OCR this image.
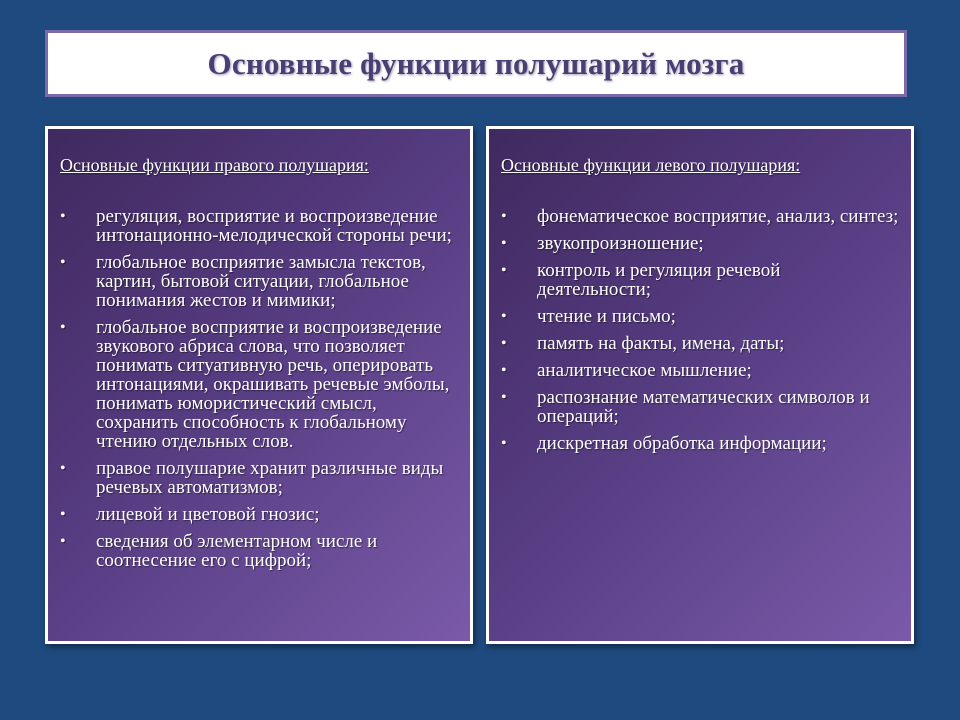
Основные функции полушарий мозга
Основные функции правого полушария:
• регуляция, восприятие и воспроизведение интонационно-мелодической стороны речи;
• глобальное восприятие замысла текстов, картин, бытовой ситуации, глобальное понимания жестов и мимики;
• глобальное восприятие и воспроизведение звукового абриса слова, что позволяет понимать ситуативную речь, оперировать интонациями, окрашивать речевые эмболы, понимать юмористический смысл, сохранить способность к глобальному чтению отдельных слов.
• правое полушарие хранит различные виды речевых автоматизмов;
• лицевой и цветовой гнозис;
• сведения об элементарном числе и соотнесение его с цифрой;
Основные функции левого полушария:
• фонематическое восприятие, анализ, синтез;
• звукопроизношение;
• контроль и регуляция речевой деятельности;
• чтение и письмо;
• память на факты, имена, даты;
• аналитическое мышление;
• распознание математических символов и операций;
• дискретная обработка информации;
